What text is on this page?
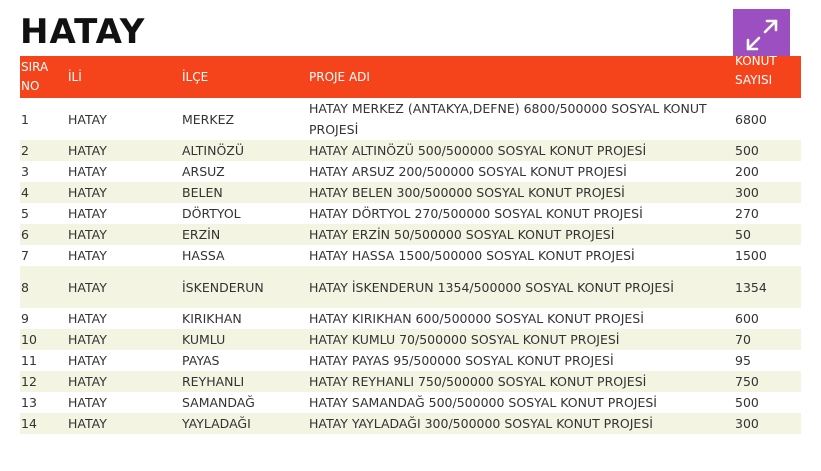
HATAY
SIRA NO	İLİ	İLÇE	PROJE ADI	KONUT SAYISI

1	HATAY	MERKEZ	HATAY MERKEZ (ANTAKYA,DEFNE) 6800/500000 SOSYAL KONUT PROJESİ	6800
2	HATAY	ALTINÖZÜ	HATAY ALTINÖZÜ 500/500000 SOSYAL KONUT PROJESİ	500
3	HATAY	ARSUZ	HATAY ARSUZ 200/500000 SOSYAL KONUT PROJESİ	200
4	HATAY	BELEN	HATAY BELEN 300/500000 SOSYAL KONUT PROJESİ	300
5	HATAY	DÖRTYOL	HATAY DÖRTYOL 270/500000 SOSYAL KONUT PROJESİ	270
6	HATAY	ERZİN	HATAY ERZİN 50/500000 SOSYAL KONUT PROJESİ	50
7	HATAY	HASSA	HATAY HASSA 1500/500000 SOSYAL KONUT PROJESİ	1500
8	HATAY	İSKENDERUN	HATAY İSKENDERUN 1354/500000 SOSYAL KONUT PROJESİ	1354
9	HATAY	KIRIKHAN	HATAY KIRIKHAN 600/500000 SOSYAL KONUT PROJESİ	600
10	HATAY	KUMLU	HATAY KUMLU 70/500000 SOSYAL KONUT PROJESİ	70
11	HATAY	PAYAS	HATAY PAYAS 95/500000 SOSYAL KONUT PROJESİ	95
12	HATAY	REYHANLI	HATAY REYHANLI 750/500000 SOSYAL KONUT PROJESİ	750
13	HATAY	SAMANDAĞ	HATAY SAMANDAĞ 500/500000 SOSYAL KONUT PROJESİ	500
14	HATAY	YAYLADAĞI	HATAY YAYLADAĞI 300/500000 SOSYAL KONUT PROJESİ	300
